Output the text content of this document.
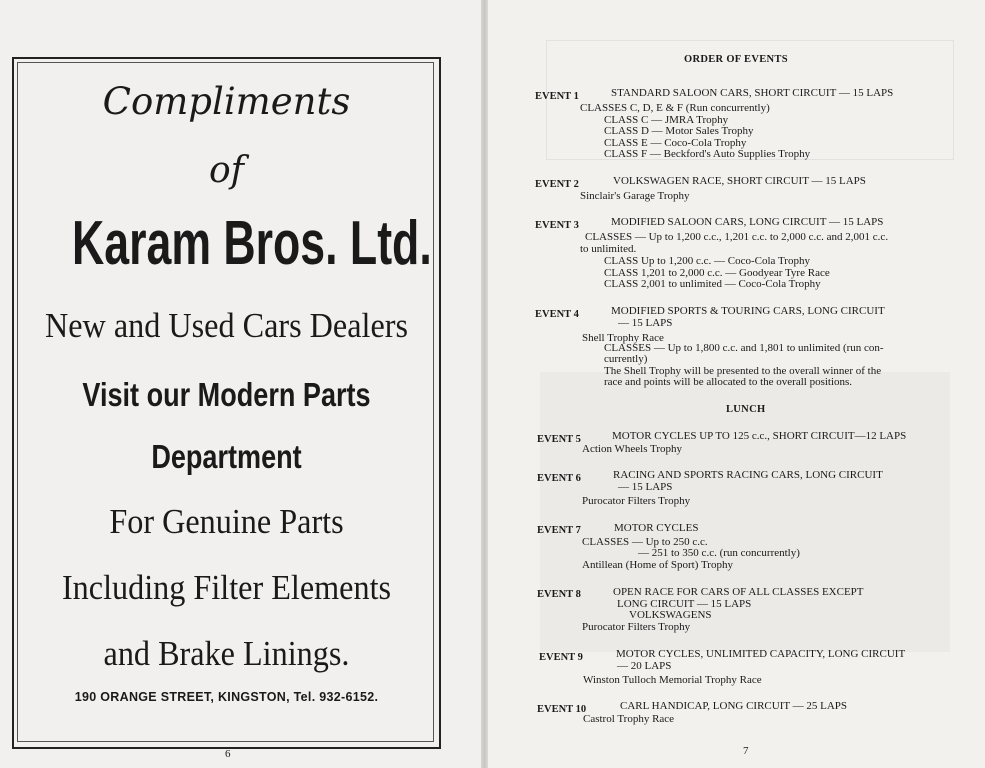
Compliments
of
Karam Bros. Ltd.
New and Used Cars Dealers
Visit our Modern Parts
Department
For Genuine Parts
Including Filter Elements
and Brake Linings.
190 ORANGE STREET, KINGSTON, Tel. 932-6152.
6
ORDER OF EVENTS
EVENT 1	STANDARD SALOON CARS, SHORT CIRCUIT — 15 LAPS
CLASSES C, D, E & F (Run concurrently)
CLASS C — JMRA Trophy
CLASS D — Motor Sales Trophy
CLASS E — Coco-Cola Trophy
CLASS F — Beckford's Auto Supplies Trophy
EVENT 2	VOLKSWAGEN RACE, SHORT CIRCUIT — 15 LAPS
Sinclair's Garage Trophy
EVENT 3	MODIFIED SALOON CARS, LONG CIRCUIT — 15 LAPS
CLASSES — Up to 1,200 c.c., 1,201 c.c. to 2,000 c.c. and 2,001 c.c.
to unlimited.
CLASS Up to 1,200 c.c. — Coco-Cola Trophy
CLASS 1,201 to 2,000 c.c. — Goodyear Tyre Race
CLASS 2,001 to unlimited — Coco-Cola Trophy
EVENT 4	MODIFIED SPORTS & TOURING CARS, LONG CIRCUIT
— 15 LAPS
Shell Trophy Race
CLASSES — Up to 1,800 c.c. and 1,801 to unlimited (run con-
currently)
The Shell Trophy will be presented to the overall winner of the
race and points will be allocated to the overall positions.
LUNCH
EVENT 5	MOTOR CYCLES UP TO 125 c.c., SHORT CIRCUIT—12 LAPS
Action Wheels Trophy
EVENT 6	RACING AND SPORTS RACING CARS, LONG CIRCUIT
— 15 LAPS
Purocator Filters Trophy
EVENT 7	MOTOR CYCLES
CLASSES — Up to 250 c.c.
— 251 to 350 c.c. (run concurrently)
Antillean (Home of Sport) Trophy
EVENT 8	OPEN RACE FOR CARS OF ALL CLASSES EXCEPT
LONG CIRCUIT — 15 LAPS
VOLKSWAGENS
Purocator Filters Trophy
EVENT 9	MOTOR CYCLES, UNLIMITED CAPACITY, LONG CIRCUIT
— 20 LAPS
Winston Tulloch Memorial Trophy Race
EVENT 10	CARL HANDICAP, LONG CIRCUIT — 25 LAPS
Castrol Trophy Race
7
